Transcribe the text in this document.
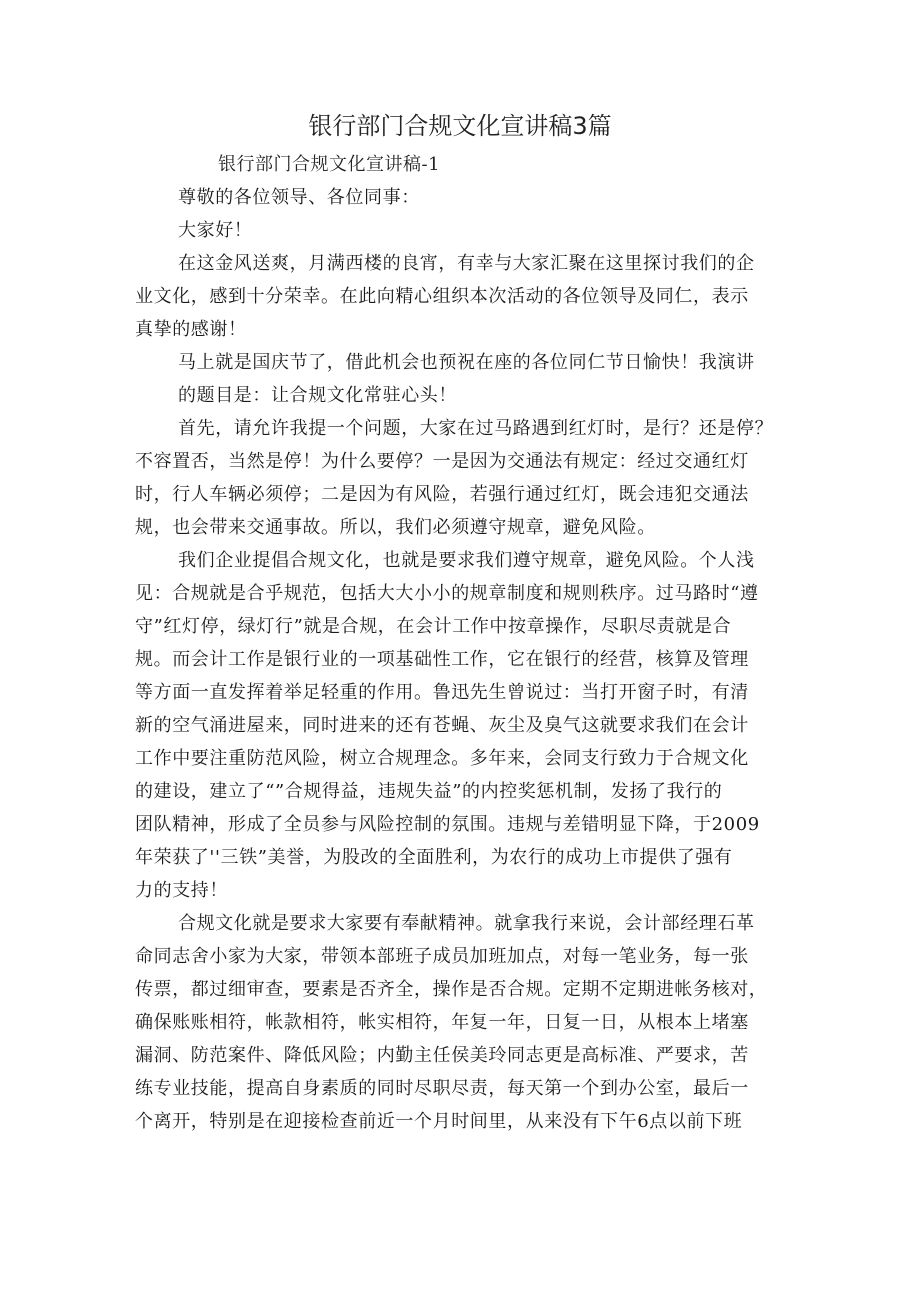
银行部门合规文化宣讲稿3篇
银行部门合规文化宣讲稿-1
尊敬的各位领导、各位同事：
大家好！
在这金风送爽，月满西楼的良宵，有幸与大家汇聚在这里探讨我们的企
业文化，感到十分荣幸。在此向精心组织本次活动的各位领导及同仁，表示
真挚的感谢！
马上就是国庆节了，借此机会也预祝在座的各位同仁节日愉快！我演讲
的题目是：让合规文化常驻心头！
首先，请允许我提一个问题，大家在过马路遇到红灯时，是行？还是停？
不容置否，当然是停！为什么要停？一是因为交通法有规定：经过交通红灯
时，行人车辆必须停；二是因为有风险，若强行通过红灯，既会违犯交通法
规，也会带来交通事故。所以，我们必须遵守规章，避免风险。
我们企业提倡合规文化，也就是要求我们遵守规章，避免风险。个人浅
见：合规就是合乎规范，包括大大小小的规章制度和规则秩序。过马路时“遵
守”红灯停，绿灯行”就是合规，在会计工作中按章操作，尽职尽责就是合
规。而会计工作是银行业的一项基础性工作，它在银行的经营，核算及管理
等方面一直发挥着举足轻重的作用。鲁迅先生曾说过：当打开窗子时，有清
新的空气涌进屋来，同时进来的还有苍蝇、灰尘及臭气这就要求我们在会计
工作中要注重防范风险，树立合规理念。多年来，会同支行致力于合规文化
的建设，建立了“”合规得益，违规失益”的内控奖惩机制，发扬了我行的
团队精神，形成了全员参与风险控制的氛围。违规与差错明显下降，于2009
年荣获了''三铁”美誉，为股改的全面胜利，为农行的成功上市提供了强有
力的支持！
合规文化就是要求大家要有奉献精神。就拿我行来说，会计部经理石革
命同志舍小家为大家，带领本部班子成员加班加点，对每一笔业务，每一张
传票，都过细审查，要素是否齐全，操作是否合规。定期不定期进帐务核对，
确保账账相符，帐款相符，帐实相符，年复一年，日复一日，从根本上堵塞
漏洞、防范案件、降低风险；内勤主任侯美玲同志更是高标准、严要求，苦
练专业技能，提高自身素质的同时尽职尽责，每天第一个到办公室，最后一
个离开，特别是在迎接检查前近一个月时间里，从来没有下午6点以前下班
